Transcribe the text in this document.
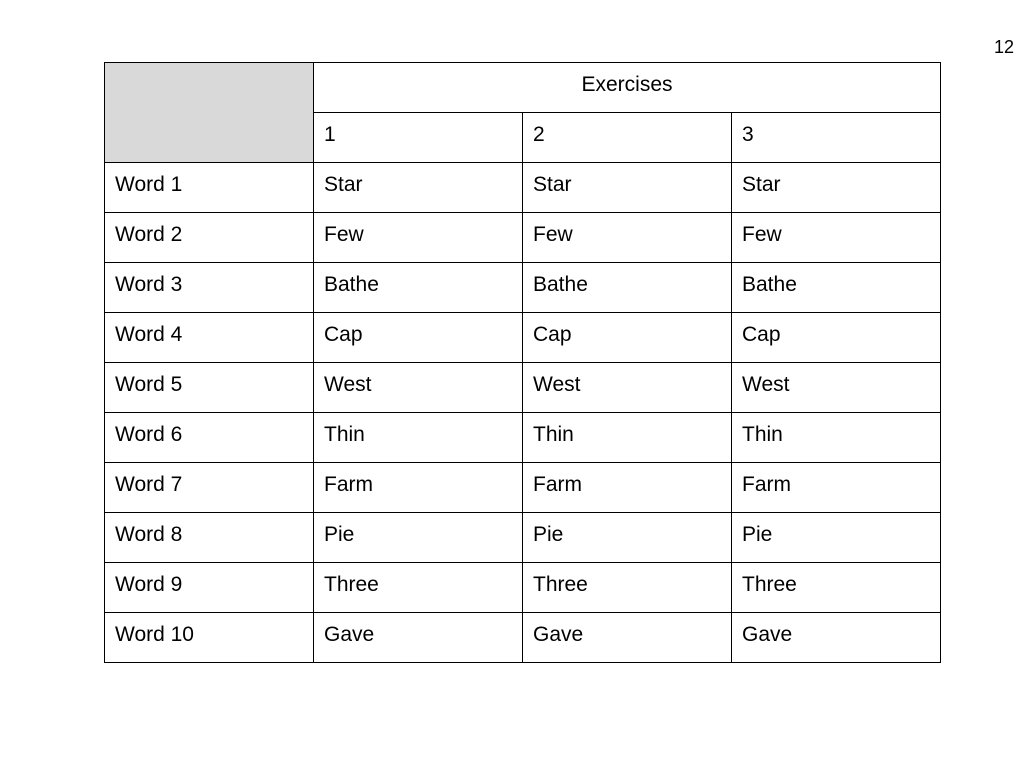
12
	Exercises		
	1	2	3
Word 1	Star	Star	Star
Word 2	Few	Few	Few
Word 3	Bathe	Bathe	Bathe
Word 4	Cap	Cap	Cap
Word 5	West	West	West
Word 6	Thin	Thin	Thin
Word 7	Farm	Farm	Farm
Word 8	Pie	Pie	Pie
Word 9	Three	Three	Three
Word 10	Gave	Gave	Gave
